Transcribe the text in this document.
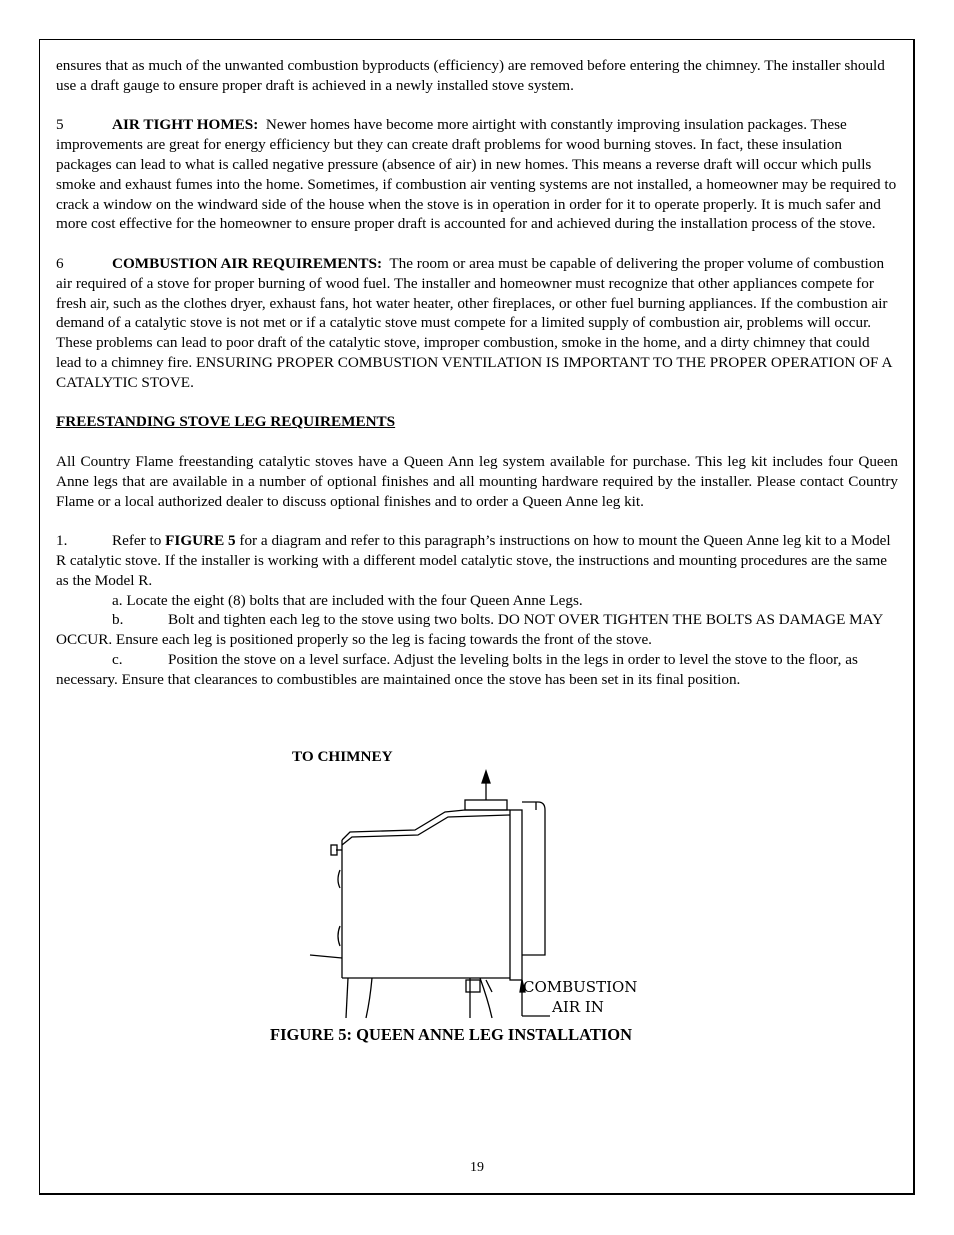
ensures that as much of the unwanted combustion byproducts (efficiency) are removed before entering the chimney. The installer should use a draft gauge to ensure proper draft is achieved in a newly installed stove system.

5	AIR TIGHT HOMES: Newer homes have become more airtight with constantly improving insulation packages. These improvements are great for energy efficiency but they can create draft problems for wood burning stoves. In fact, these insulation packages can lead to what is called negative pressure (absence of air) in new homes. This means a reverse draft will occur which pulls smoke and exhaust fumes into the home. Sometimes, if combustion air venting systems are not installed, a homeowner may be required to crack a window on the windward side of the house when the stove is in operation in order for it to operate properly. It is much safer and more cost effective for the homeowner to ensure proper draft is accounted for and achieved during the installation process of the stove.

6	COMBUSTION AIR REQUIREMENTS: The room or area must be capable of delivering the proper volume of combustion air required of a stove for proper burning of wood fuel. The installer and homeowner must recognize that other appliances compete for fresh air, such as the clothes dryer, exhaust fans, hot water heater, other fireplaces, or other fuel burning appliances. If the combustion air demand of a catalytic stove is not met or if a catalytic stove must compete for a limited supply of combustion air, problems will occur. These problems can lead to poor draft of the catalytic stove, improper combustion, smoke in the home, and a dirty chimney that could lead to a chimney fire. ENSURING PROPER COMBUSTION VENTILATION IS IMPORTANT TO THE PROPER OPERATION OF A CATALYTIC STOVE.

FREESTANDING STOVE LEG REQUIREMENTS

All Country Flame freestanding catalytic stoves have a Queen Ann leg system available for purchase. This leg kit includes four Queen Anne legs that are available in a number of optional finishes and all mounting hardware required by the installer. Please contact Country Flame or a local authorized dealer to discuss optional finishes and to order a Queen Anne leg kit.

1.	Refer to FIGURE 5 for a diagram and refer to this paragraph’s instructions on how to mount the Queen Anne leg kit to a Model R catalytic stove. If the installer is working with a different model catalytic stove, the instructions and mounting procedures are the same as the Model R.

a. Locate the eight (8) bolts that are included with the four Queen Anne Legs.

b.	Bolt and tighten each leg to the stove using two bolts. DO NOT OVER TIGHTEN THE BOLTS AS DAMAGE MAY OCCUR. Ensure each leg is positioned properly so the leg is facing towards the front of the stove.

c.	Position the stove on a level surface. Adjust the leveling bolts in the legs in order to level the stove to the floor, as necessary. Ensure that clearances to combustibles are maintained once the stove has been set in its final position.

TO CHIMNEY
COMBUSTION
AIR IN
FIGURE 5: QUEEN ANNE LEG INSTALLATION
19
